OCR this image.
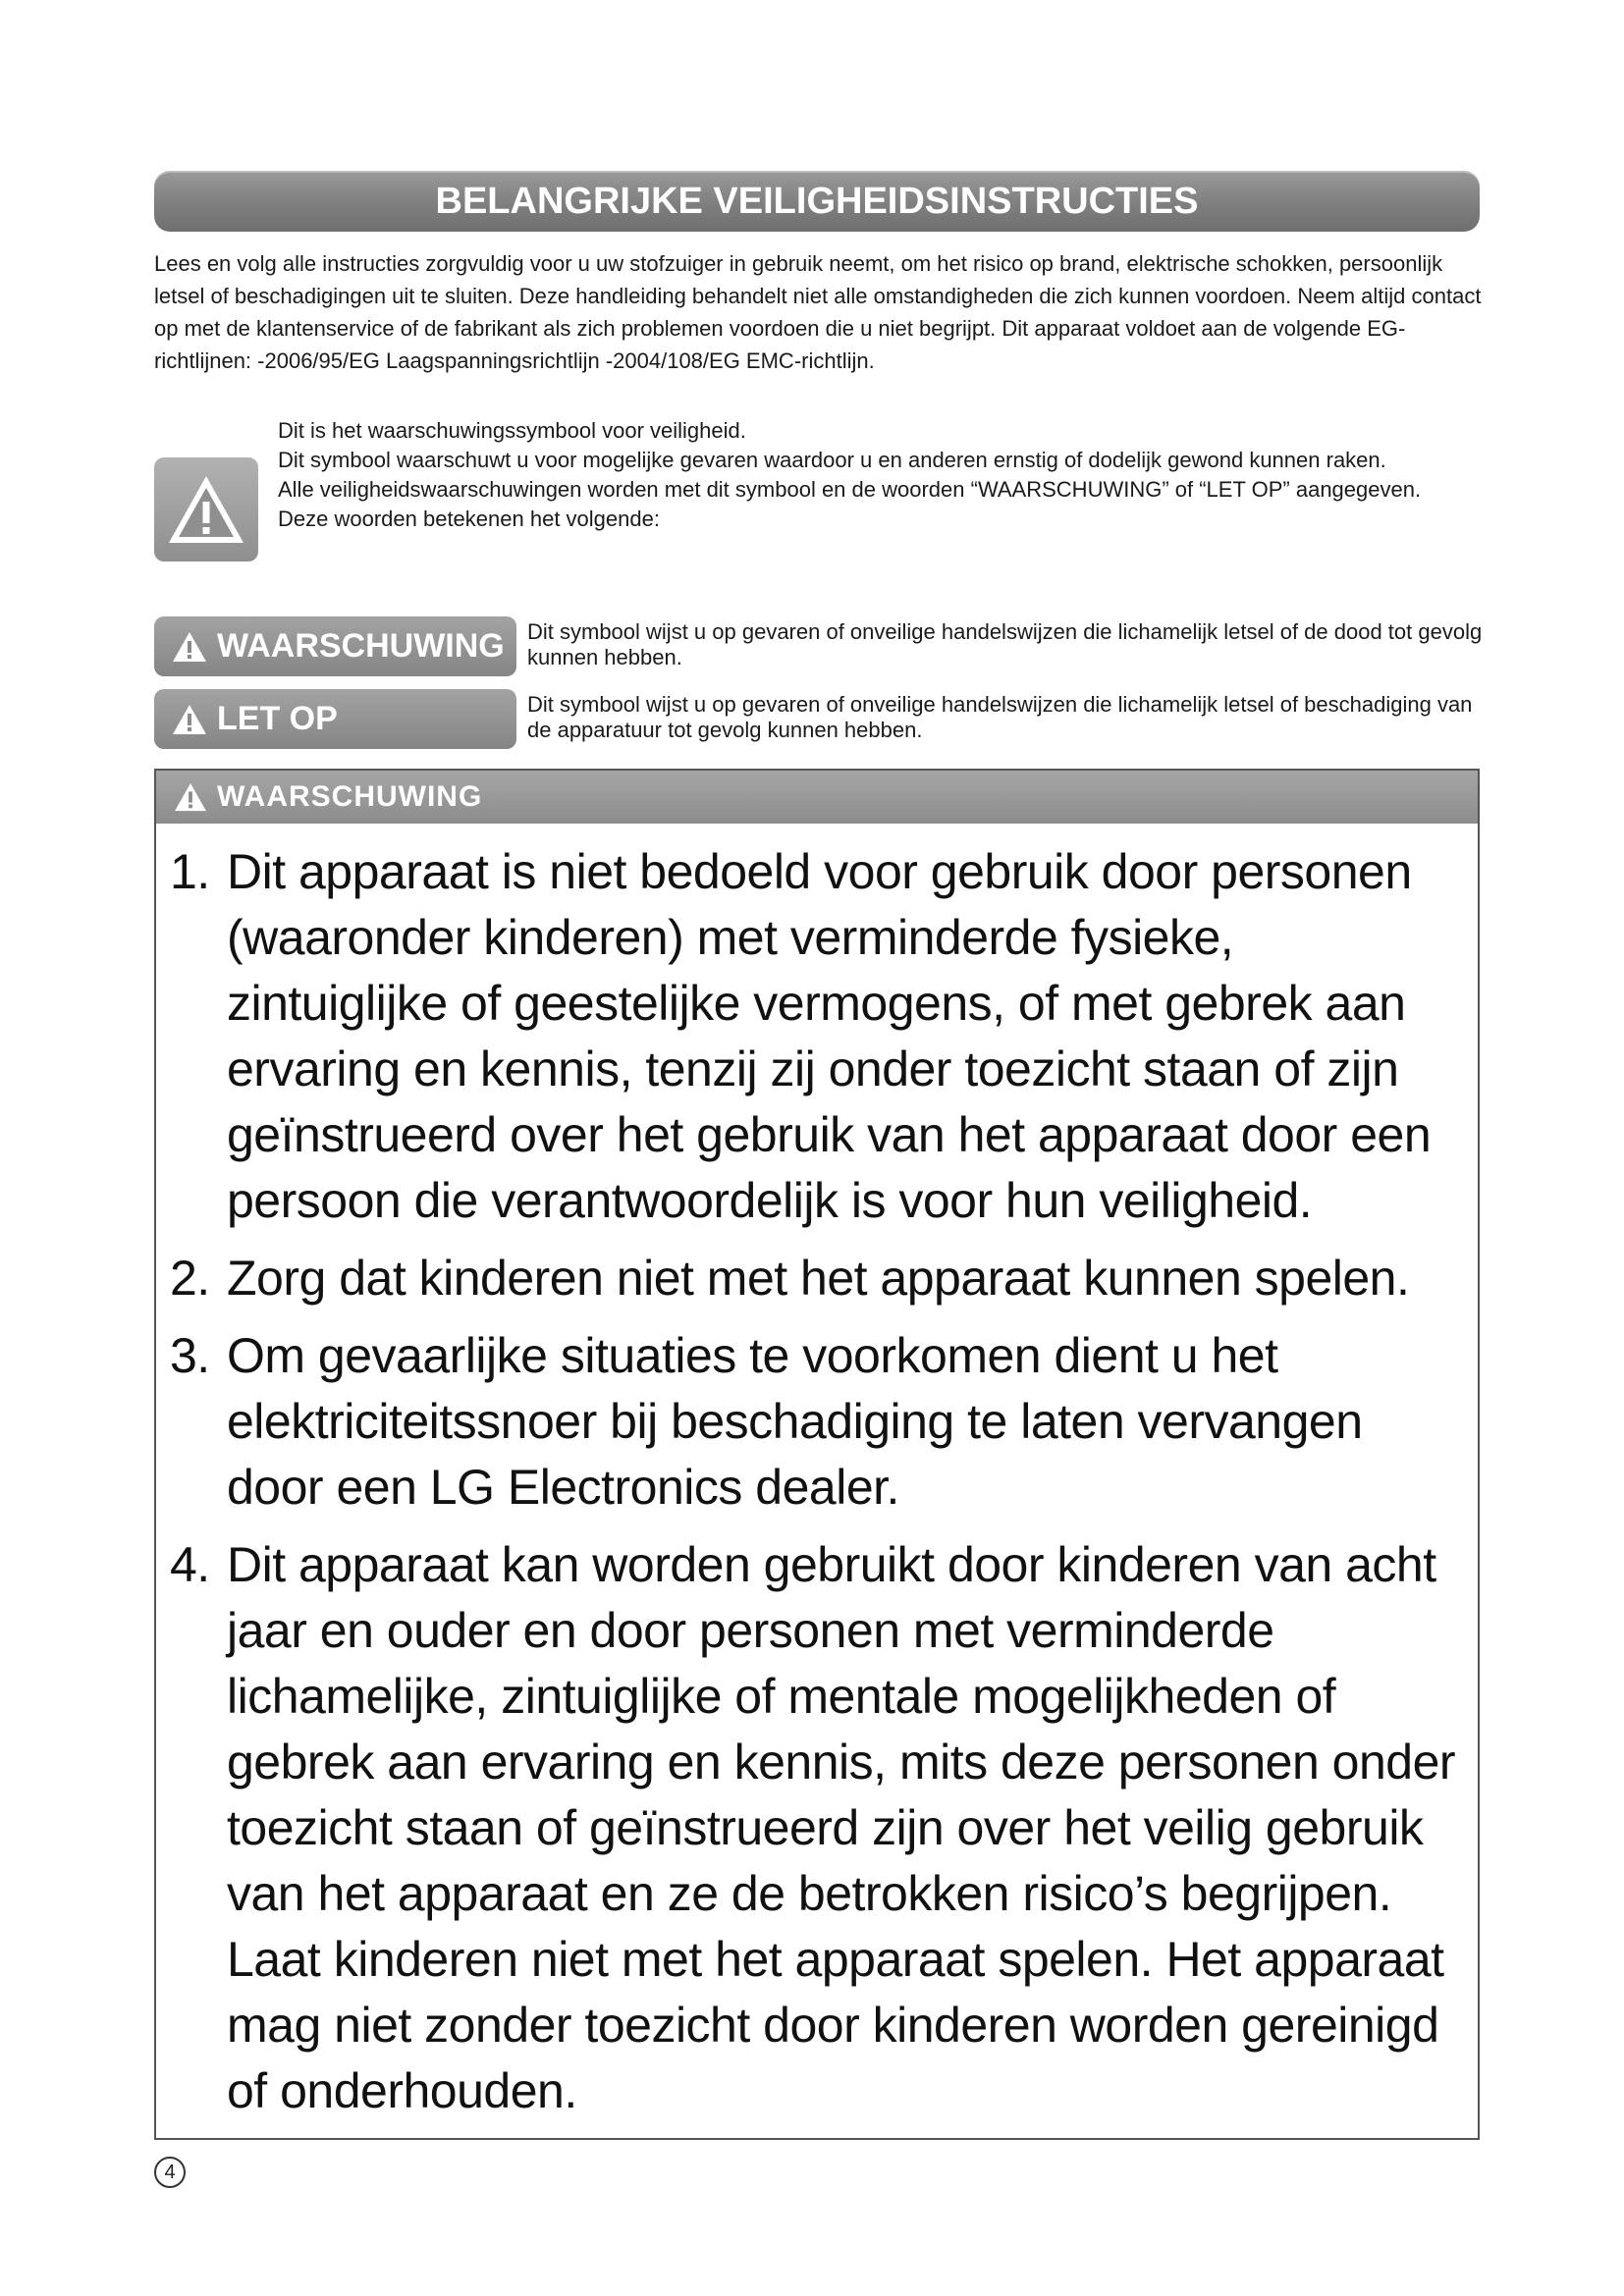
BELANGRIJKE VEILIGHEIDSINSTRUCTIES

Lees en volg alle instructies zorgvuldig voor u uw stofzuiger in gebruik neemt, om het risico op brand, elektrische schokken, persoonlijk letsel of beschadigingen uit te sluiten. Deze handleiding behandelt niet alle omstandigheden die zich kunnen voordoen. Neem altijd contact op met de klantenservice of de fabrikant als zich problemen voordoen die u niet begrijpt. Dit apparaat voldoet aan de volgende EG-richtlijnen: -2006/95/EG Laagspanningsrichtlijn -2004/108/EG EMC-richtlijn.

Dit is het waarschuwingssymbool voor veiligheid.

Dit symbool waarschuwt u voor mogelijke gevaren waardoor u en anderen ernstig of dodelijk gewond kunnen raken.

Alle veiligheidswaarschuwingen worden met dit symbool en de woorden “WAARSCHUWING” of “LET OP” aangegeven.

Deze woorden betekenen het volgende:

WAARSCHUWING Dit symbool wijst u op gevaren of onveilige handelswijzen die lichamelijk letsel of de dood tot gevolg kunnen hebben.
LET OP	Dit symbool wijst u op gevaren of onveilige handelswijzen die lichamelijk letsel of beschadiging van de apparatuur tot gevolg kunnen hebben.
WAARSCHUWING
1. Dit apparaat is niet bedoeld voor gebruik door personen (waaronder kinderen) met verminderde fysieke, zintuiglijke of geestelijke vermogens, of met gebrek aan ervaring en kennis, tenzij zij onder toezicht staan of zijn geïnstrueerd over het gebruik van het apparaat door een persoon die verantwoordelijk is voor hun veiligheid.
2. Zorg dat kinderen niet met het apparaat kunnen spelen.
3. Om gevaarlijke situaties te voorkomen dient u het elektriciteitssnoer bij beschadiging te laten vervangen door een LG Electronics dealer.
4. Dit apparaat kan worden gebruikt door kinderen van acht jaar en ouder en door personen met verminderde lichamelijke, zintuiglijke of mentale mogelijkheden of gebrek aan ervaring en kennis, mits deze personen onder toezicht staan of geïnstrueerd zijn over het veilig gebruik van het apparaat en ze de betrokken risico’s begrijpen. Laat kinderen niet met het apparaat spelen. Het apparaat mag niet zonder toezicht door kinderen worden gereinigd of onderhouden.
4
